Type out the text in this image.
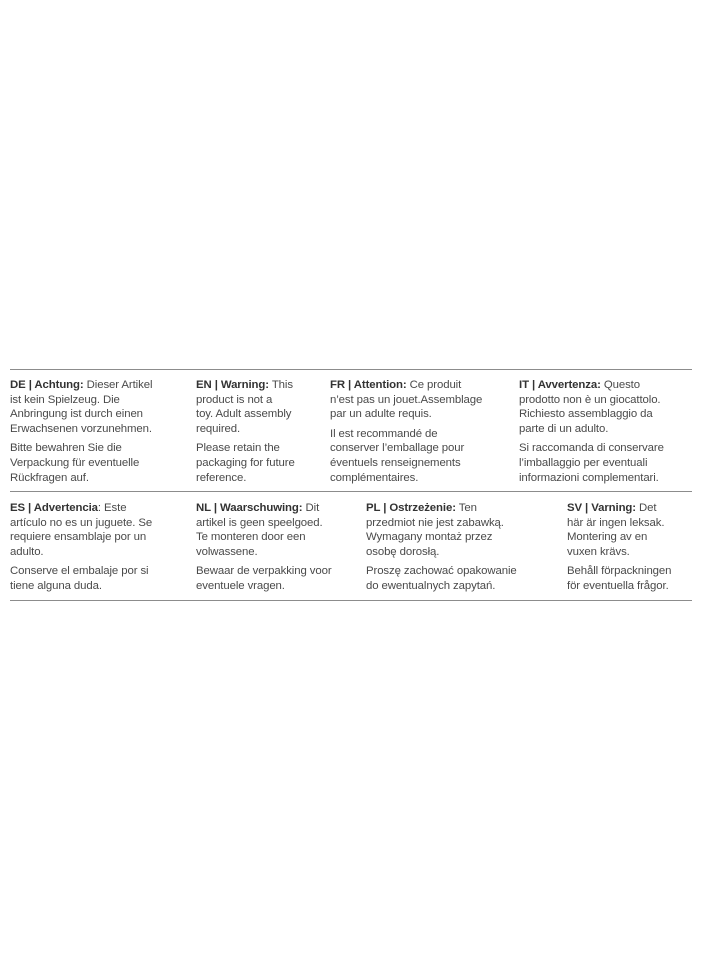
DE | Achtung: Dieser Artikel
ist kein Spielzeug. Die
Anbringung ist durch einen
Erwachsenen vorzunehmen.

Bitte bewahren Sie die
Verpackung für eventuelle
Rückfragen auf.

EN | Warning: This
product is not a
toy. Adult assembly
required.

Please retain the
packaging for future
reference.

FR | Attention: Ce produit
n’est pas un jouet.Assemblage
par un adulte requis.

Il est recommandé de
conserver l’emballage pour
éventuels renseignements
complémentaires.

IT | Avvertenza: Questo
prodotto non è un giocattolo.
Richiesto assemblaggio da
parte di un adulto.

Si raccomanda di conservare
l’imballaggio per eventuali
informazioni complementari.

ES | Advertencia: Este
artículo no es un juguete. Se
requiere ensamblaje por un
adulto.

Conserve el embalaje por si
tiene alguna duda.

NL | Waarschuwing: Dit
artikel is geen speelgoed.
Te monteren door een
volwassene.

Bewaar de verpakking voor
eventuele vragen.

PL | Ostrzeżenie: Ten
przedmiot nie jest zabawką.
Wymagany montaż przez
osobę dorosłą.

Proszę zachować opakowanie
do ewentualnych zapytań.

SV | Varning: Det
här är ingen leksak.
Montering av en
vuxen krävs.

Behåll förpackningen
för eventuella frågor.
